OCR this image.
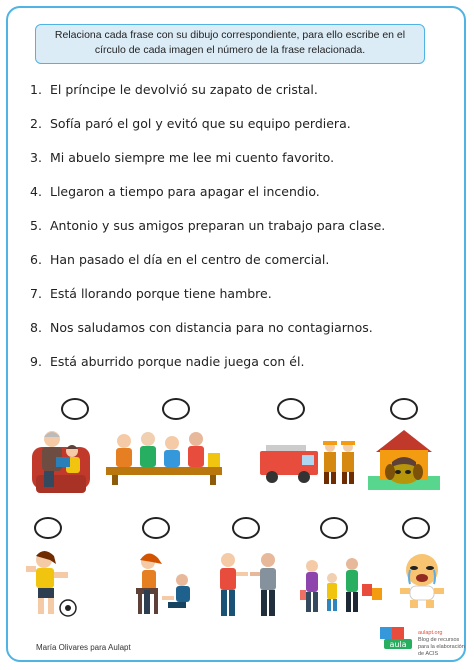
Relaciona cada frase con su dibujo correspondiente, para ello escribe en el círculo de cada imagen el número de la frase relacionada.
1. El príncipe le devolvió su zapato de cristal.
2. Sofía paró el gol y evitó que su equipo perdiera.
3. Mi abuelo siempre me lee mi cuento favorito.
4. Llegaron a tiempo para apagar el incendio.
5. Antonio y sus amigos preparan un trabajo para clase.
6. Han pasado el día en el centro de comercial.
7. Está llorando porque tiene hambre.
8. Nos saludamos con distancia para no contagiarnos.
9. Está aburrido porque nadie juega con él.
María Olivares para Aulapt	aula
aulapt.org
Blog de recursos para la elaboración de ACIS
